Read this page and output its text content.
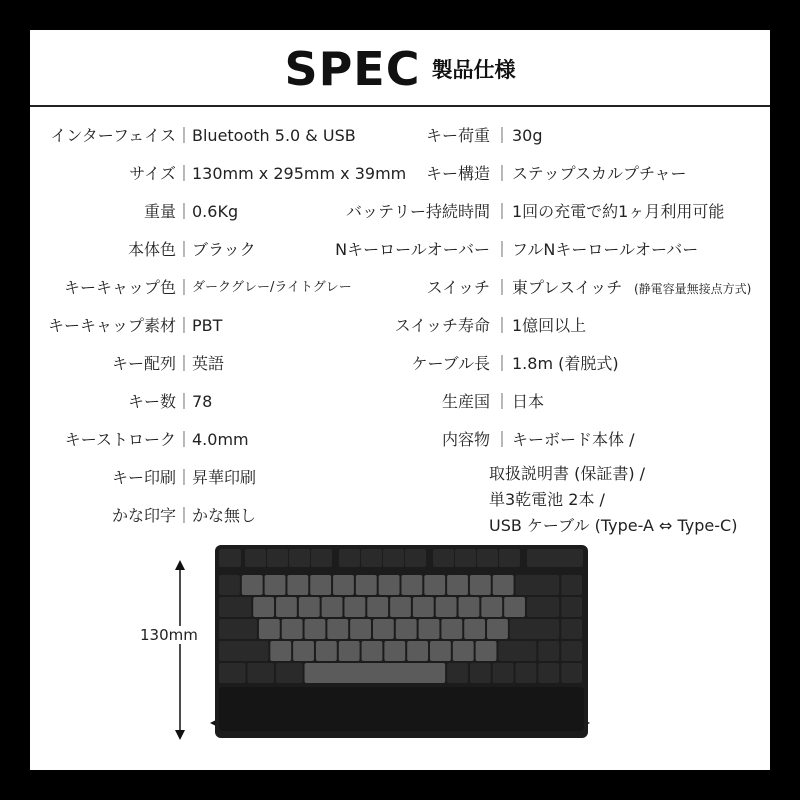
SPEC 製品仕様
130mm
インターフェイス ｜ Bluetooth 5.0 & USB
サイズ ｜ 130mm x 295mm x 39mm
重量 ｜ 0.6Kg
本体色 ｜ ブラック
キーキャップ色 ｜ ダークグレー/ライトグレー
キーキャップ素材 ｜ PBT
キー配列 ｜ 英語
キー数 ｜ 78
キーストローク ｜ 4.0mm
キー印刷 ｜ 昇華印刷
かな印字 ｜ かな無し
キー荷重 ｜ 30g
キー構造 ｜ ステップスカルプチャー
バッテリー持続時間 ｜ 1回の充電で約1ヶ月利用可能
Nキーロールオーバー ｜ フルNキーロールオーバー
スイッチ ｜ 東プレスイッチ (静電容量無接点方式)
スイッチ寿命 ｜ 1億回以上
ケーブル長 ｜ 1.8m (着脱式)
生産国 ｜ 日本
内容物 ｜ キーボード本体 /
取扱説明書 (保証書) /
単3乾電池 2本 /
USB ケーブル (Type-A ⇔ Type-C)
